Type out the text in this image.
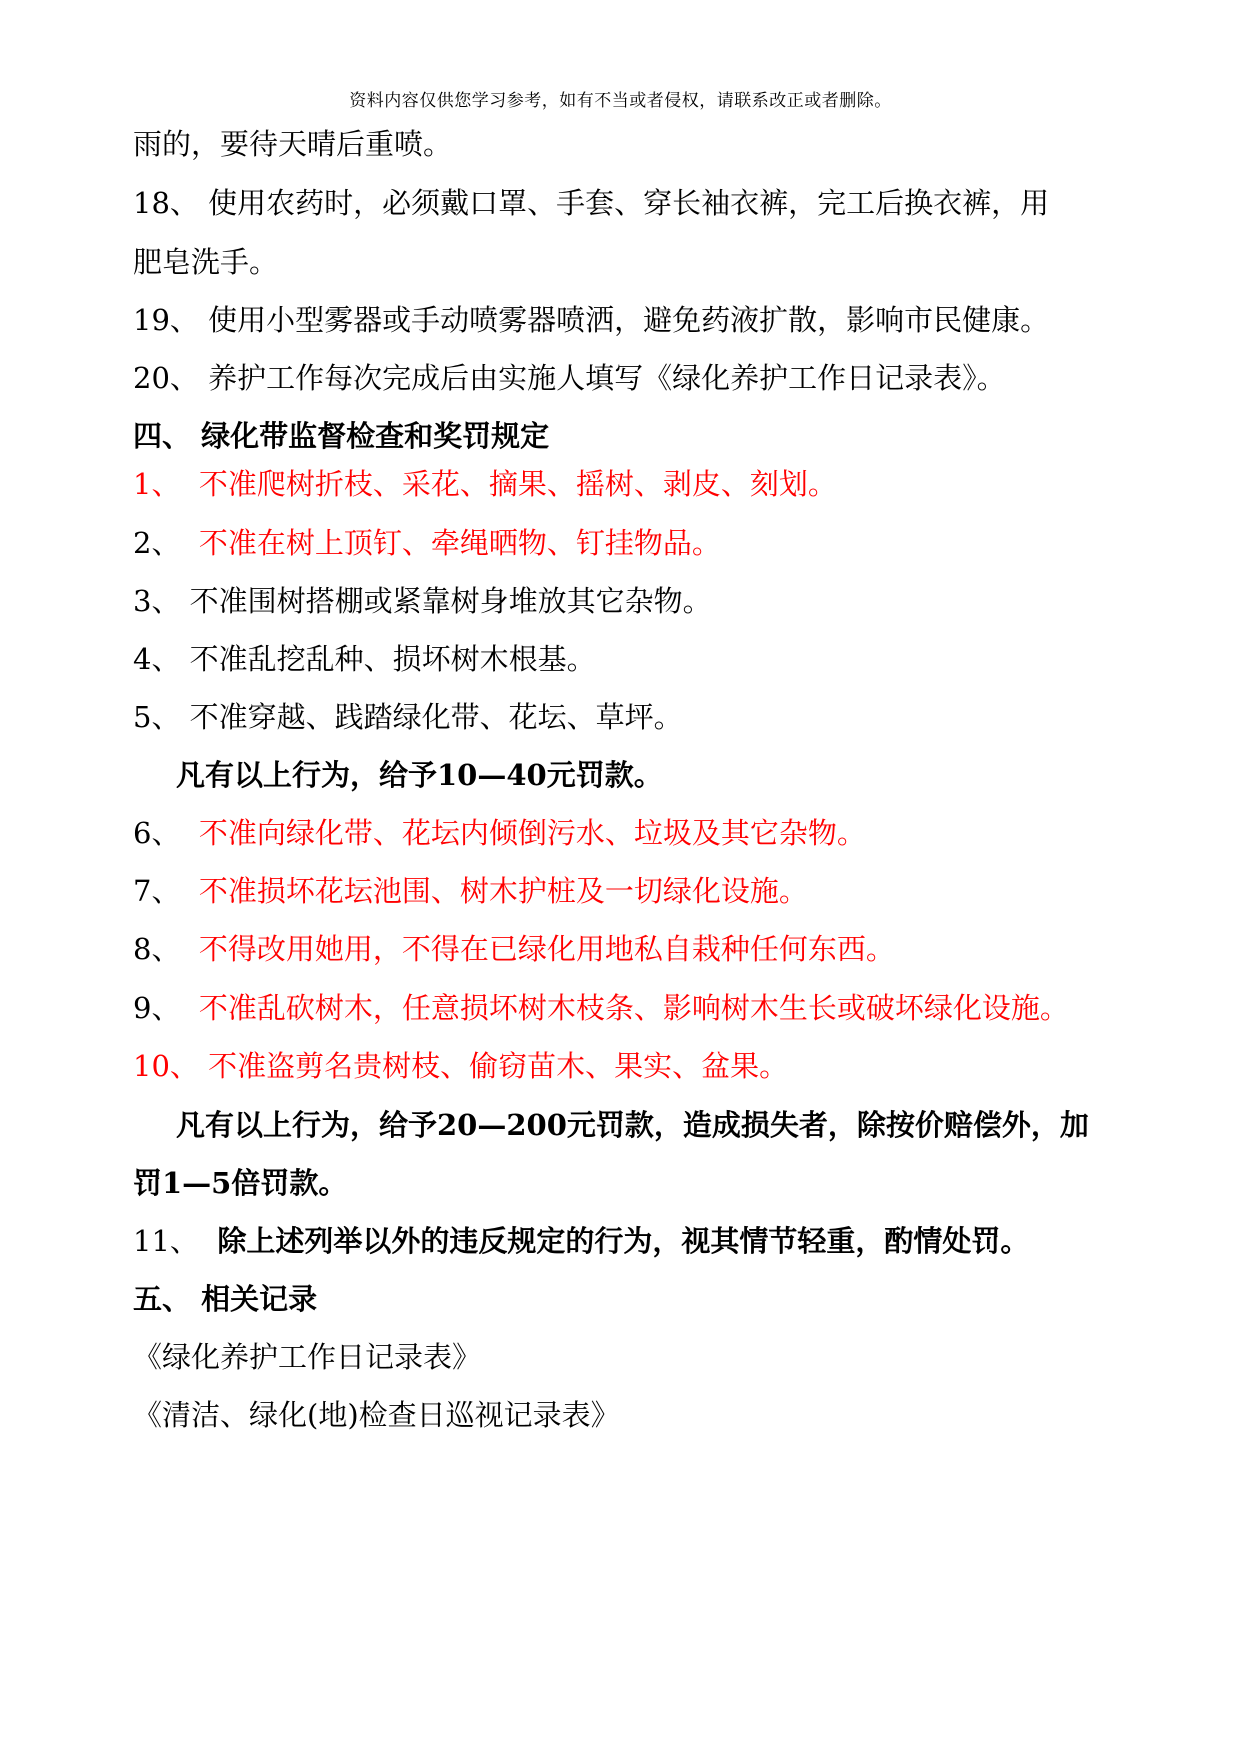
资料内容仅供您学习参考，如有不当或者侵权，请联系改正或者删除。
雨的，要待天晴后重喷。
18、 使用农药时，必须戴口罩、手套、穿长袖衣裤，完工后换衣裤，用
肥皂洗手。
19、 使用小型雾器或手动喷雾器喷洒，避免药液扩散，影响市民健康。
20、 养护工作每次完成后由实施人填写《绿化养护工作日记录表》。
四、 绿化带监督检查和奖罚规定
1、 不准爬树折枝、采花、摘果、摇树、剥皮、刻划。
2、 不准在树上顶钉、牵绳晒物、钉挂物品。
3、 不准围树搭棚或紧靠树身堆放其它杂物。
4、 不准乱挖乱种、损坏树木根基。
5、 不准穿越、践踏绿化带、花坛、草坪。
凡有以上行为，给予10—40元罚款。
6、 不准向绿化带、花坛内倾倒污水、垃圾及其它杂物。
7、 不准损坏花坛池围、树木护桩及一切绿化设施。
8、 不得改用她用，不得在已绿化用地私自栽种任何东西。
9、 不准乱砍树木，任意损坏树木枝条、影响树木生长或破坏绿化设施。
10、 不准盗剪名贵树枝、偷窃苗木、果实、盆果。
凡有以上行为，给予20—200元罚款，造成损失者，除按价赔偿外，加
罚1—5倍罚款。
11、 除上述列举以外的违反规定的行为，视其情节轻重，酌情处罚。
五、 相关记录
《绿化养护工作日记录表》
《清洁、绿化(地)检查日巡视记录表》
